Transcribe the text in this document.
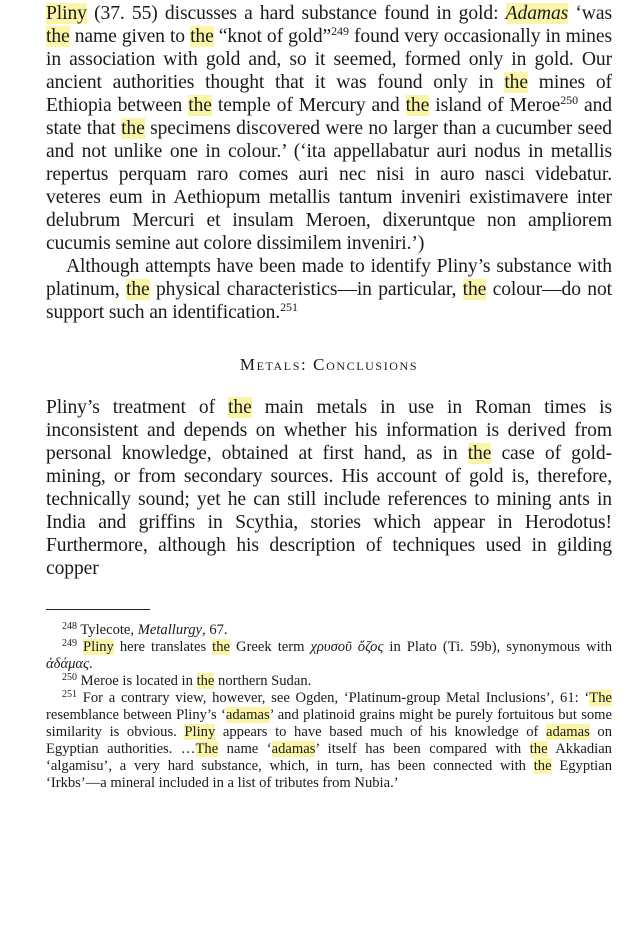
Pliny (37. 55) discusses a hard substance found in gold: Adamas ‘was the name given to the “knot of gold”$^{249}$ found very occasionally in mines in association with gold and, so it seemed, formed only in gold. Our ancient authorities thought that it was found only in the mines of Ethiopia between the temple of Mercury and the island of Meroe$^{250}$ and state that the specimens discovered were no larger than a cucumber seed and not unlike one in colour.’ (‘ita appellabatur auri nodus in metallis repertus perquam raro comes auri nec nisi in auro nasci videbatur. veteres eum in Aethiopum metallis tantum inveniri existimavere inter delubrum Mercuri et insulam Meroen, dixeruntque non ampliorem cucumis semine aut colore dissimilem inveniri.’)

Although attempts have been made to identify Pliny’s substance with platinum, the physical characteristics—in particular, the colour—do not support such an identification.$^{251}$

Metals: Conclusions

Pliny’s treatment of the main metals in use in Roman times is inconsistent and depends on whether his information is derived from personal knowledge, obtained at first hand, as in the case of gold-mining, or from secondary sources. His account of gold is, therefore, technically sound; yet he can still include references to mining ants in India and griffins in Scythia, stories which appear in Herodotus! Furthermore, although his description of techniques used in gilding copper

$^{248}$ Tylecote, Metallurgy, 67.

$^{249}$ Pliny here translates the Greek term χρυσοῦ ὄζος in Plato (Ti. 59b), synonymous with ἀδάμας.

$^{250}$ Meroe is located in the northern Sudan.

$^{251}$ For a contrary view, however, see Ogden, ‘Platinum-group Metal Inclusions’, 61: ‘The resemblance between Pliny’s ‘adamas’ and platinoid grains might be purely fortuitous but some similarity is obvious. Pliny appears to have based much of his knowledge of adamas on Egyptian authorities. …The name ‘adamas’ itself has been compared with the Akkadian ‘algamisu’, a very hard substance, which, in turn, has been connected with the Egyptian ‘Irkbs’—a mineral included in a list of tributes from Nubia.’
